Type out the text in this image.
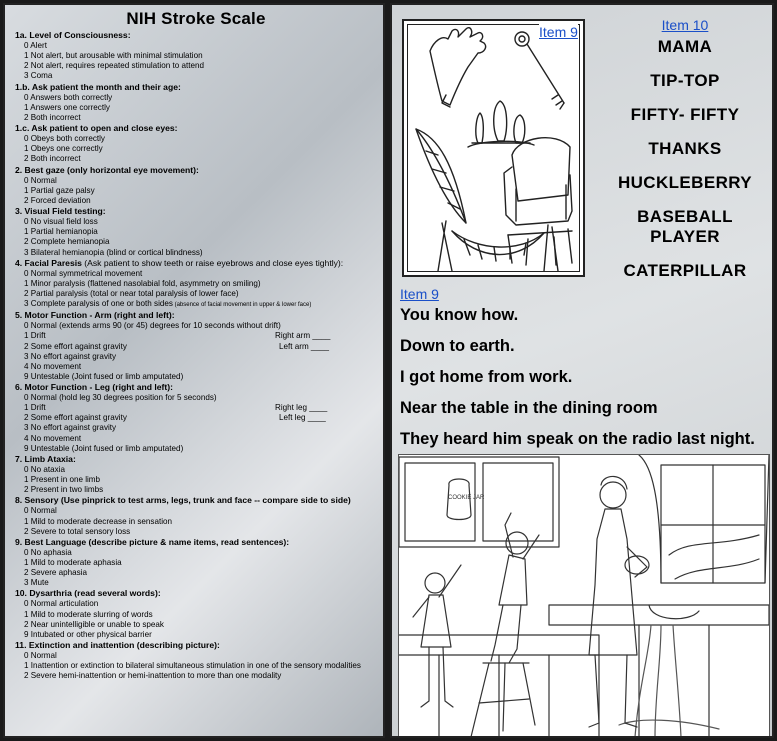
NIH Stroke Scale
1a. Level of Consciousness:
0 Alert
1 Not alert, but arousable with minimal stimulation
2 Not alert, requires repeated stimulation to attend
3 Coma
1.b. Ask patient the month and their age:
0 Answers both correctly
1 Answers one correctly
2 Both incorrect
1.c. Ask patient to open and close eyes:
0 Obeys both correctly
1 Obeys one correctly
2 Both incorrect
2. Best gaze (only horizontal eye movement):
0 Normal
1 Partial gaze palsy
2 Forced deviation
3. Visual Field testing:
0 No visual field loss
1 Partial hemianopia
2 Complete hemianopia
3 Bilateral hemianopia (blind or cortical blindness)
4. Facial Paresis (Ask patient to show teeth or raise eyebrows and close eyes tightly):
0 Normal symmetrical movement
1 Minor paralysis (flattened nasolabial fold, asymmetry on smiling)
2 Partial paralysis (total or near total paralysis of lower face)
3 Complete paralysis of one or both sides (absence of facial movement in upper & lower face)
5. Motor Function - Arm (right and left):
0 Normal (extends arms 90 (or 45) degrees for 10 seconds without drift)
1 Drift	Right arm ____
2 Some effort against gravity	Left arm ____
3 No effort against gravity
4 No movement
9 Untestable (Joint fused or limb amputated)
6. Motor Function - Leg (right and left):
0 Normal (hold leg 30 degrees position for 5 seconds)
1 Drift	Right leg ____
2 Some effort against gravity	Left leg ____
3 No effort against gravity
4 No movement
9 Untestable (Joint fused or limb amputated)
7. Limb Ataxia:
0 No ataxia
1 Present in one limb
2 Present in two limbs
8. Sensory (Use pinprick to test arms, legs, trunk and face -- compare side to side)
0 Normal
1 Mild to moderate decrease in sensation
2 Severe to total sensory loss
9. Best Language (describe picture & name items, read sentences):
0 No aphasia
1 Mild to moderate aphasia
2 Severe aphasia
3 Mute
10. Dysarthria (read several words):
0 Normal articulation
1 Mild to moderate slurring of words
2 Near unintelligible or unable to speak
9 Intubated or other physical barrier
11. Extinction and inattention (describing picture):
0 Normal
1 Inattention or extinction to bilateral simultaneous stimulation in one of the sensory modalities
2 Severe hemi-inattention or hemi-inattention to more than one modality
Item 9	Item 10
MAMA
TIP-TOP
FIFTY- FIFTY
THANKS
HUCKLEBERRY
BASEBALL
PLAYER
CATERPILLAR
Item 9
You know how.
Down to earth.
I got home from work.
Near the table in the dining room
They heard him speak on the radio last night.
COOKIE JAR
